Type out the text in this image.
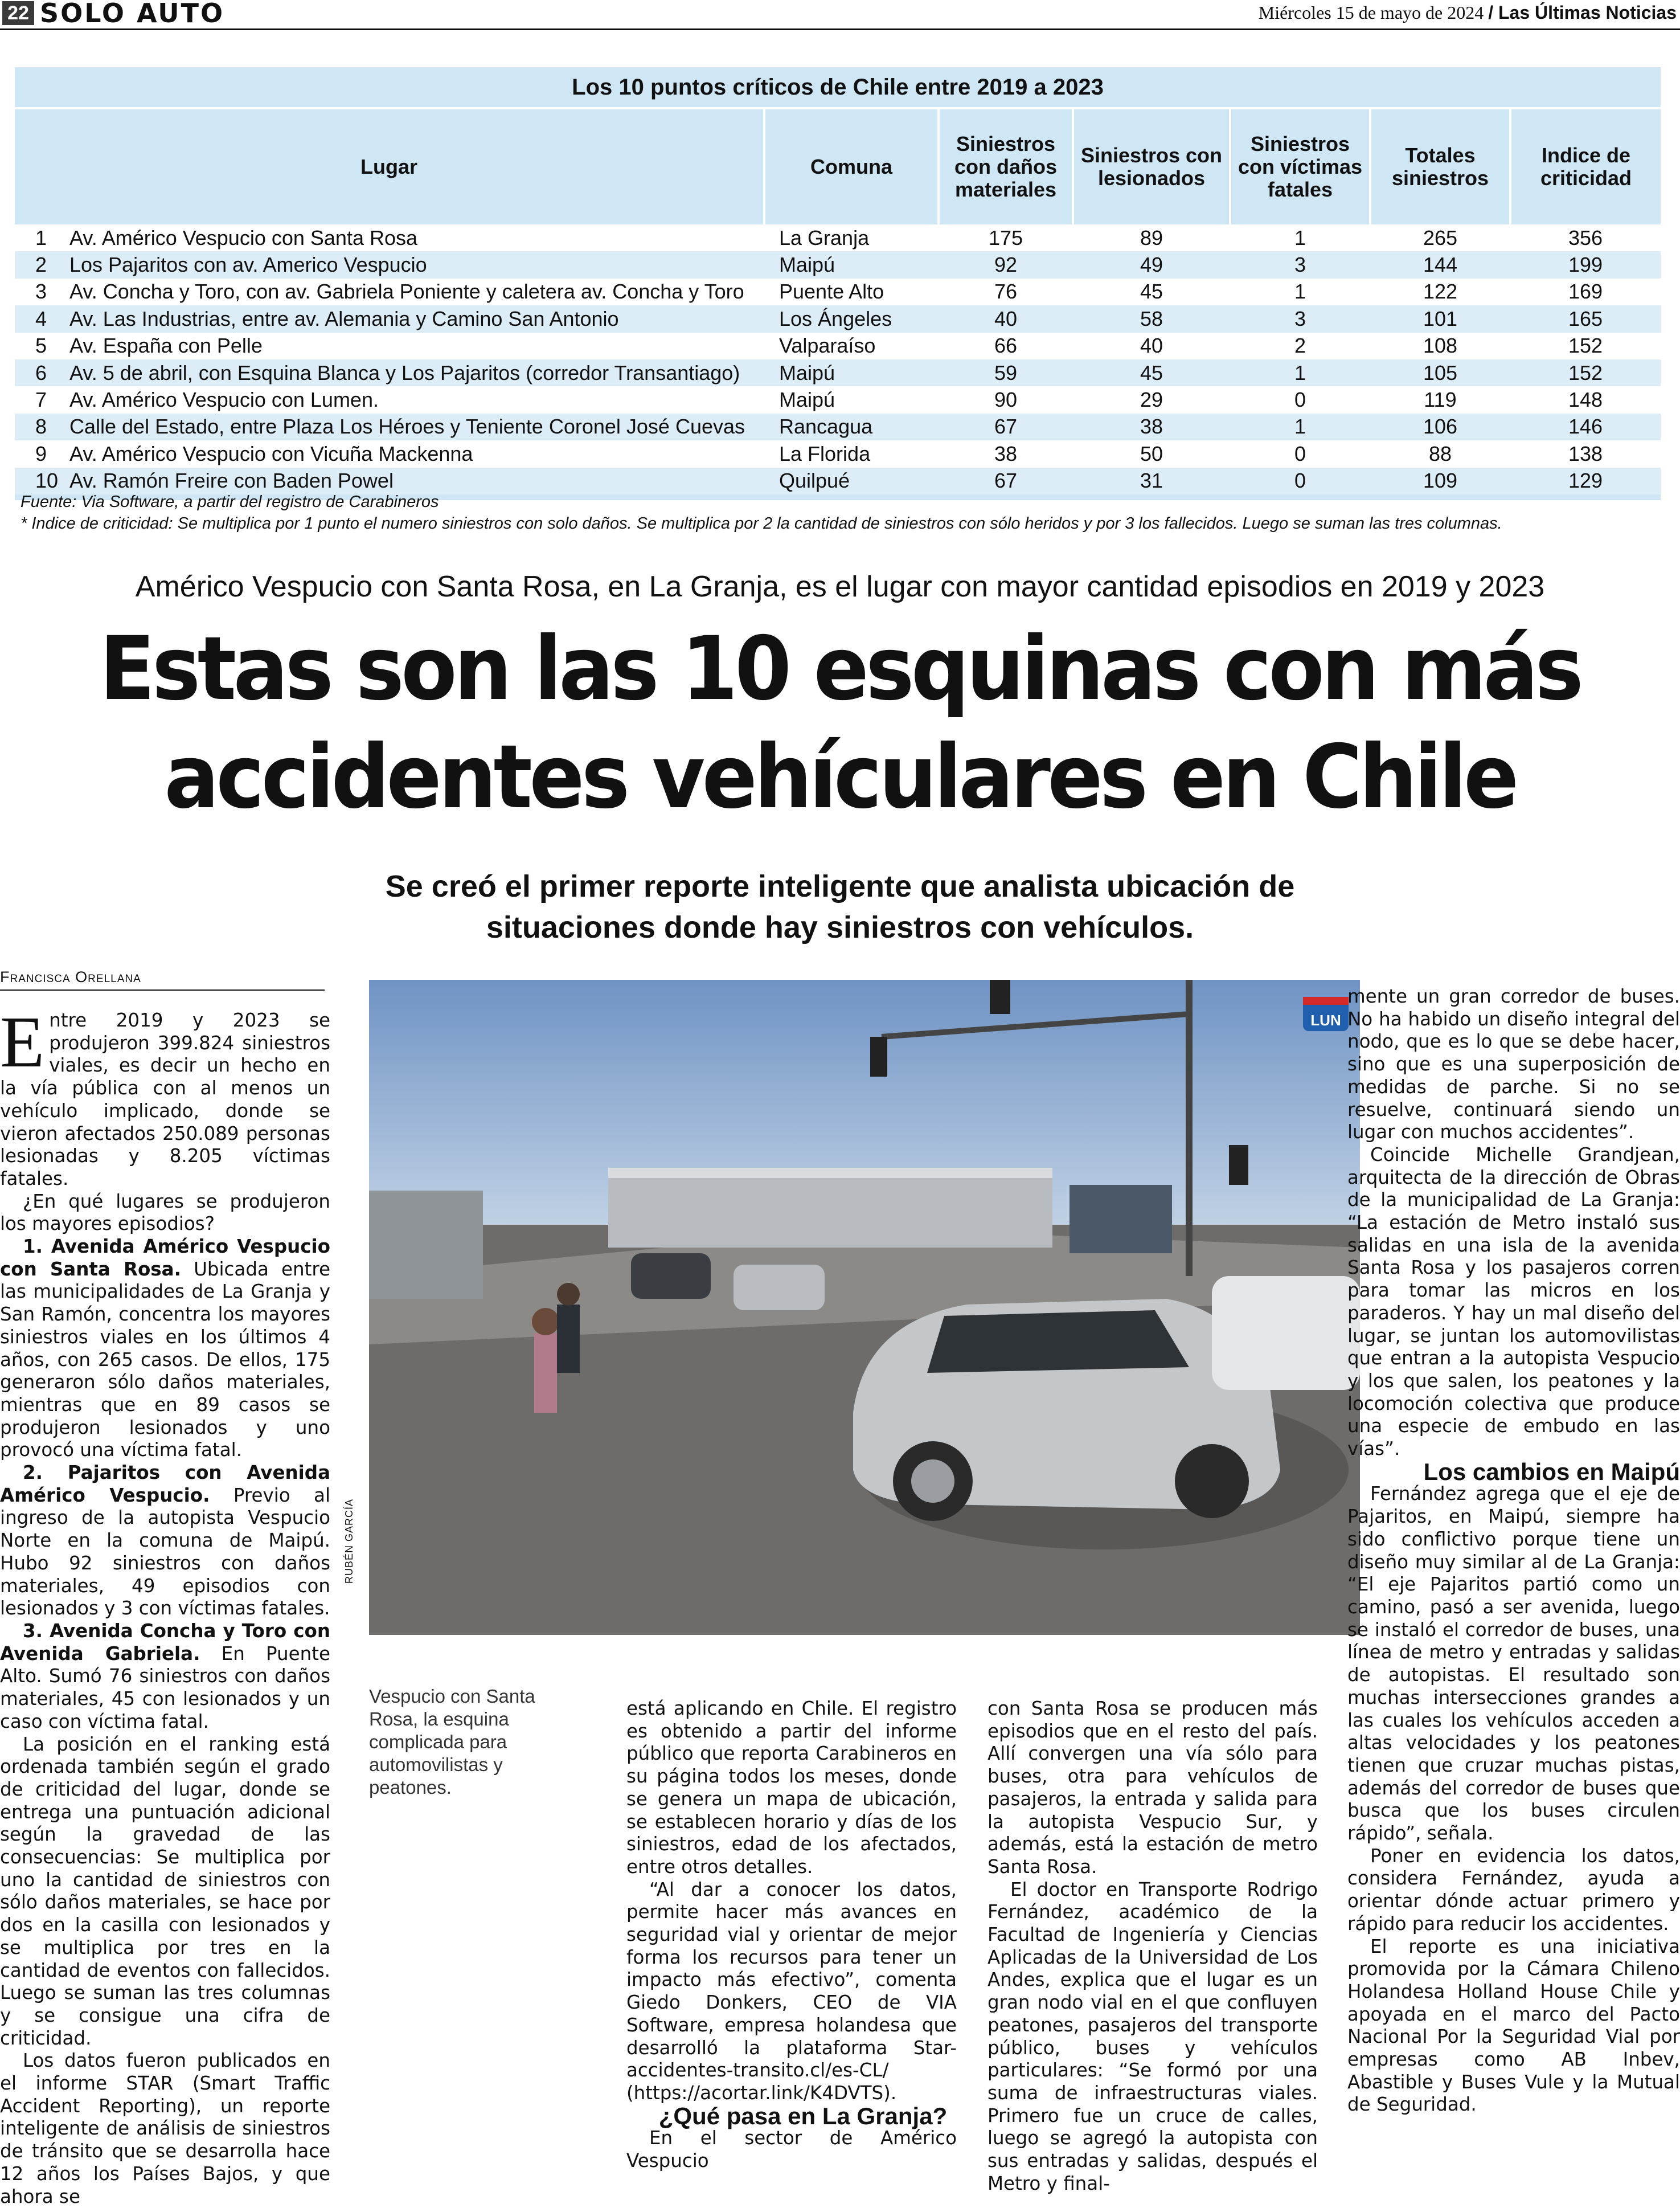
22 SOLO AUTO	Miércoles 15 de mayo de 2024 / Las Últimas Noticias
Los 10 puntos críticos de Chile entre 2019 a 2023							
Lugar		Comuna	Siniestros con daños materiales	Siniestros con lesionados	Siniestros con víctimas fatales	Totales siniestros	Indice de criticidad
1	Av. Américo Vespucio con Santa Rosa	La Granja	175	89	1	265	356
2	Los Pajaritos con av. Americo Vespucio	Maipú	92	49	3	144	199
3	Av. Concha y Toro, con av. Gabriela Poniente y caletera av. Concha y Toro	Puente Alto	76	45	1	122	169
4	Av. Las Industrias, entre av. Alemania y Camino San Antonio	Los Ángeles	40	58	3	101	165
5	Av. España con Pelle	Valparaíso	66	40	2	108	152
6	Av. 5 de abril, con Esquina Blanca y Los Pajaritos (corredor Transantiago)	Maipú	59	45	1	105	152
7	Av. Américo Vespucio con Lumen.	Maipú	90	29	0	119	148
8	Calle del Estado, entre Plaza Los Héroes y Teniente Coronel José Cuevas	Rancagua	67	38	1	106	146
9	Av. Américo Vespucio con Vicuña Mackenna	La Florida	38	50	0	88	138
10	Av. Ramón Freire con Baden Powel	Quilpué	67	31	0	109	129
Fuente: Via Software, a partir del registro de Carabineros
* Indice de criticidad: Se multiplica por 1 punto el numero siniestros con solo daños. Se multiplica por 2 la cantidad de siniestros con sólo heridos y por 3 los fallecidos. Luego se suman las tres columnas.
Américo Vespucio con Santa Rosa, en La Granja, es el lugar con mayor cantidad episodios en 2019 y 2023
Estas son las 10 esquinas con más
accidentes vehículares en Chile
Se creó el primer reporte inteligente que analista ubicación de
situaciones donde hay siniestros con vehículos.
Francisca Orellana

Entre 2019 y 2023 se produjeron 399.824 siniestros viales, es decir un hecho en la vía pública con al menos un vehículo implicado, donde se vieron afectados 250.089 personas lesionadas y 8.205 víctimas fatales.

¿En qué lugares se produjeron los mayores episodios?

1. Avenida Américo Vespucio con Santa Rosa. Ubicada entre las municipalidades de La Granja y San Ramón, concentra los mayores siniestros viales en los últimos 4 años, con 265 casos. De ellos, 175 generaron sólo daños materiales, mientras que en 89 casos se produjeron lesionados y uno provocó una víctima fatal.

2. Pajaritos con Avenida Américo Vespucio. Previo al ingreso de la autopista Vespucio Norte en la comuna de Maipú. Hubo 92 siniestros con daños materiales, 49 episodios con lesionados y 3 con víctimas fatales.

3. Avenida Concha y Toro con Avenida Gabriela. En Puente Alto. Sumó 76 siniestros con daños materiales, 45 con lesionados y un caso con víctima fatal.

La posición en el ranking está ordenada también según el grado de criticidad del lugar, donde se entrega una puntuación adicional según la gravedad de las consecuencias: Se multiplica por uno la cantidad de siniestros con sólo daños materiales, se hace por dos en la casilla con lesionados y se multiplica por tres en la cantidad de eventos con fallecidos. Luego se suman las tres columnas y se consigue una cifra de criticidad.

Los datos fueron publicados en el informe STAR (Smart Traffic Accident Reporting), un reporte inteligente de análisis de siniestros de tránsito que se desarrolla hace 12 años los Países Bajos, y que ahora se

LUN
RUBÉN GARCÍA
Vespucio con Santa Rosa, la esquina complicada para automovilistas y peatones.

está aplicando en Chile. El registro es obtenido a partir del informe público que reporta Carabineros en su página todos los meses, donde se genera un mapa de ubicación, se establecen horario y días de los siniestros, edad de los afectados, entre otros detalles.

“Al dar a conocer los datos, permite hacer más avances en seguridad vial y orientar de mejor forma los recursos para tener un impacto más efectivo”, comenta Giedo Donkers, CEO de VIA Software, empresa holandesa que desarrolló la plataforma Star-accidentes-transito.cl/es-CL/ (https://acortar.link/K4DVTS).

¿Qué pasa en La Granja?

En el sector de Américo Vespucio

con Santa Rosa se producen más episodios que en el resto del país. Allí convergen una vía sólo para buses, otra para vehículos de pasajeros, la entrada y salida para la autopista Vespucio Sur, y además, está la estación de metro Santa Rosa.

El doctor en Transporte Rodrigo Fernández, académico de la Facultad de Ingeniería y Ciencias Aplicadas de la Universidad de Los Andes, explica que el lugar es un gran nodo vial en el que confluyen peatones, pasajeros del transporte público, buses y vehículos particulares: “Se formó por una suma de infraestructuras viales. Primero fue un cruce de calles, luego se agregó la autopista con sus entradas y salidas, después el Metro y final-

mente un gran corredor de buses. No ha habido un diseño integral del nodo, que es lo que se debe hacer, sino que es una superposición de medidas de parche. Si no se resuelve, continuará siendo un lugar con muchos accidentes”.

Coincide Michelle Grandjean, arquitecta de la dirección de Obras de la municipalidad de La Granja: “La estación de Metro instaló sus salidas en una isla de la avenida Santa Rosa y los pasajeros corren para tomar las micros en los paraderos. Y hay un mal diseño del lugar, se juntan los automovilistas que entran a la autopista Vespucio y los que salen, los peatones y la locomoción colectiva que produce una especie de embudo en las vías”.

Los cambios en Maipú

Fernández agrega que el eje de Pajaritos, en Maipú, siempre ha sido conflictivo porque tiene un diseño muy similar al de La Granja: “El eje Pajaritos partió como un camino, pasó a ser avenida, luego se instaló el corredor de buses, una línea de metro y entradas y salidas de autopistas. El resultado son muchas intersecciones grandes a las cuales los vehículos acceden a altas velocidades y los peatones tienen que cruzar muchas pistas, además del corredor de buses que busca que los buses circulen rápido”, señala.

Poner en evidencia los datos, considera Fernández, ayuda a orientar dónde actuar primero y rápido para reducir los accidentes.

El reporte es una iniciativa promovida por la Cámara Chileno Holandesa Holland House Chile y apoyada en el marco del Pacto Nacional Por la Seguridad Vial por empresas como AB Inbev, Abastible y Buses Vule y la Mutual de Seguridad.
